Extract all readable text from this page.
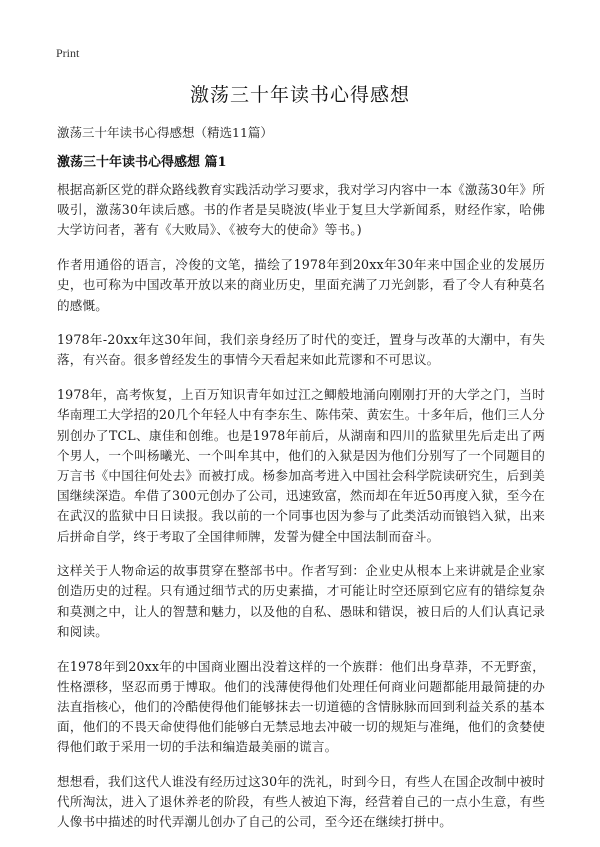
Print
激荡三十年读书心得感想
激荡三十年读书心得感想（精选11篇）
激荡三十年读书心得感想 篇1

根据高新区党的群众路线教育实践活动学习要求，我对学习内容中一本《激荡30年》所吸引，激荡30年读后感。书的作者是吴晓波(毕业于复旦大学新闻系，财经作家，哈佛大学访问者，著有《大败局》、《被夸大的使命》等书。)

作者用通俗的语言，冷俊的文笔，描绘了1978年到20xx年30年来中国企业的发展历史，也可称为中国改革开放以来的商业历史，里面充满了刀光剑影，看了令人有种莫名的感慨。

1978年-20xx年这30年间，我们亲身经历了时代的变迁，置身与改革的大潮中，有失落，有兴奋。很多曾经发生的事情今天看起来如此荒谬和不可思议。

1978年，高考恢复，上百万知识青年如过江之鲫般地涌向刚刚打开的大学之门，当时华南理工大学招的20几个年轻人中有李东生、陈伟荣、黄宏生。十多年后，他们三人分别创办了TCL、康佳和创维。也是1978年前后，从湖南和四川的监狱里先后走出了两个男人，一个叫杨曦光、一个叫牟其中，他们的入狱是因为他们分别写了一个同题目的万言书《中国往何处去》而被打成。杨参加高考进入中国社会科学院读研究生，后到美国继续深造。牟借了300元创办了公司，迅速致富，然而却在年近50再度入狱，至今在在武汉的监狱中日日读报。我以前的一个同事也因为参与了此类活动而锒铛入狱，出来后拼命自学，终于考取了全国律师牌，发誓为健全中国法制而奋斗。

这样关于人物命运的故事贯穿在整部书中。作者写到：企业史从根本上来讲就是企业家创造历史的过程。只有通过细节式的历史素描，才可能让时空还原到它应有的错综复杂和莫测之中，让人的智慧和魅力，以及他的自私、愚昧和错误，被日后的人们认真记录和阅读。

在1978年到20xx年的中国商业圈出没着这样的一个族群：他们出身草莽，不无野蛮，性格漂移，坚忍而勇于博取。他们的浅薄使得他们处理任何商业问题都能用最简捷的办法直指核心，他们的冷酷使得他们能够抹去一切道德的含情脉脉而回到利益关系的基本面，他们的不畏天命使得他们能够白无禁忌地去冲破一切的规矩与准绳，他们的贪婪使得他们敢于采用一切的手法和编造最美丽的谎言。

想想看，我们这代人谁没有经历过这30年的洗礼，时到今日，有些人在国企改制中被时代所淘汰，进入了退休养老的阶段，有些人被迫下海，经营着自己的一点小生意，有些人像书中描述的时代弄潮儿创办了自己的公司，至今还在继续打拼中。
